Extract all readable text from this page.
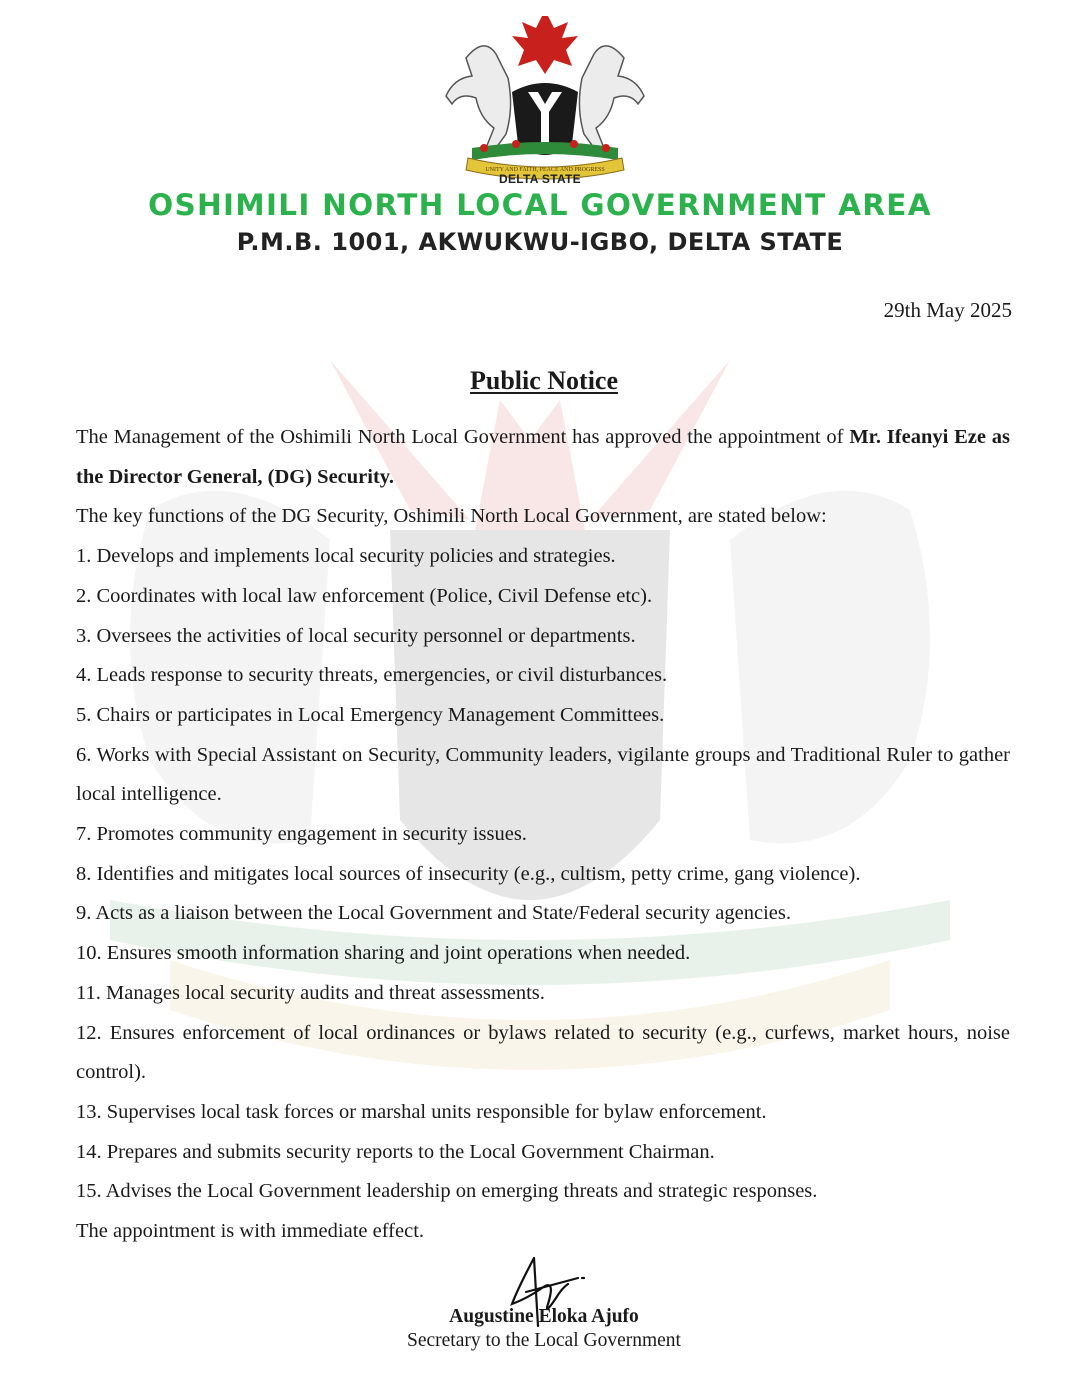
UNITY AND FAITH, PEACE AND PROGRESS
DELTA STATE
OSHIMILI NORTH LOCAL GOVERNMENT AREA
P.M.B. 1001, AKWUKWU-IGBO, DELTA STATE
29th May 2025
Public Notice

The Management of the Oshimili North Local Government has approved the appointment of Mr. Ifeanyi Eze as the Director General, (DG) Security.

The key functions of the DG Security, Oshimili North Local Government, are stated below:

1. Develops and implements local security policies and strategies.

2. Coordinates with local law enforcement (Police, Civil Defense etc).

3. Oversees the activities of local security personnel or departments.

4. Leads response to security threats, emergencies, or civil disturbances.

5. Chairs or participates in Local Emergency Management Committees.

6. Works with Special Assistant on Security, Community leaders, vigilante groups and Traditional Ruler to gather local intelligence.

7. Promotes community engagement in security issues.

8. Identifies and mitigates local sources of insecurity (e.g., cultism, petty crime, gang violence).

9. Acts as a liaison between the Local Government and State/Federal security agencies.

10. Ensures smooth information sharing and joint operations when needed.

11. Manages local security audits and threat assessments.

12. Ensures enforcement of local ordinances or bylaws related to security (e.g., curfews, market hours, noise control).

13. Supervises local task forces or marshal units responsible for bylaw enforcement.

14. Prepares and submits security reports to the Local Government Chairman.

15. Advises the Local Government leadership on emerging threats and strategic responses.

The appointment is with immediate effect.

Augustine Eloka Ajufo
Secretary to the Local Government
